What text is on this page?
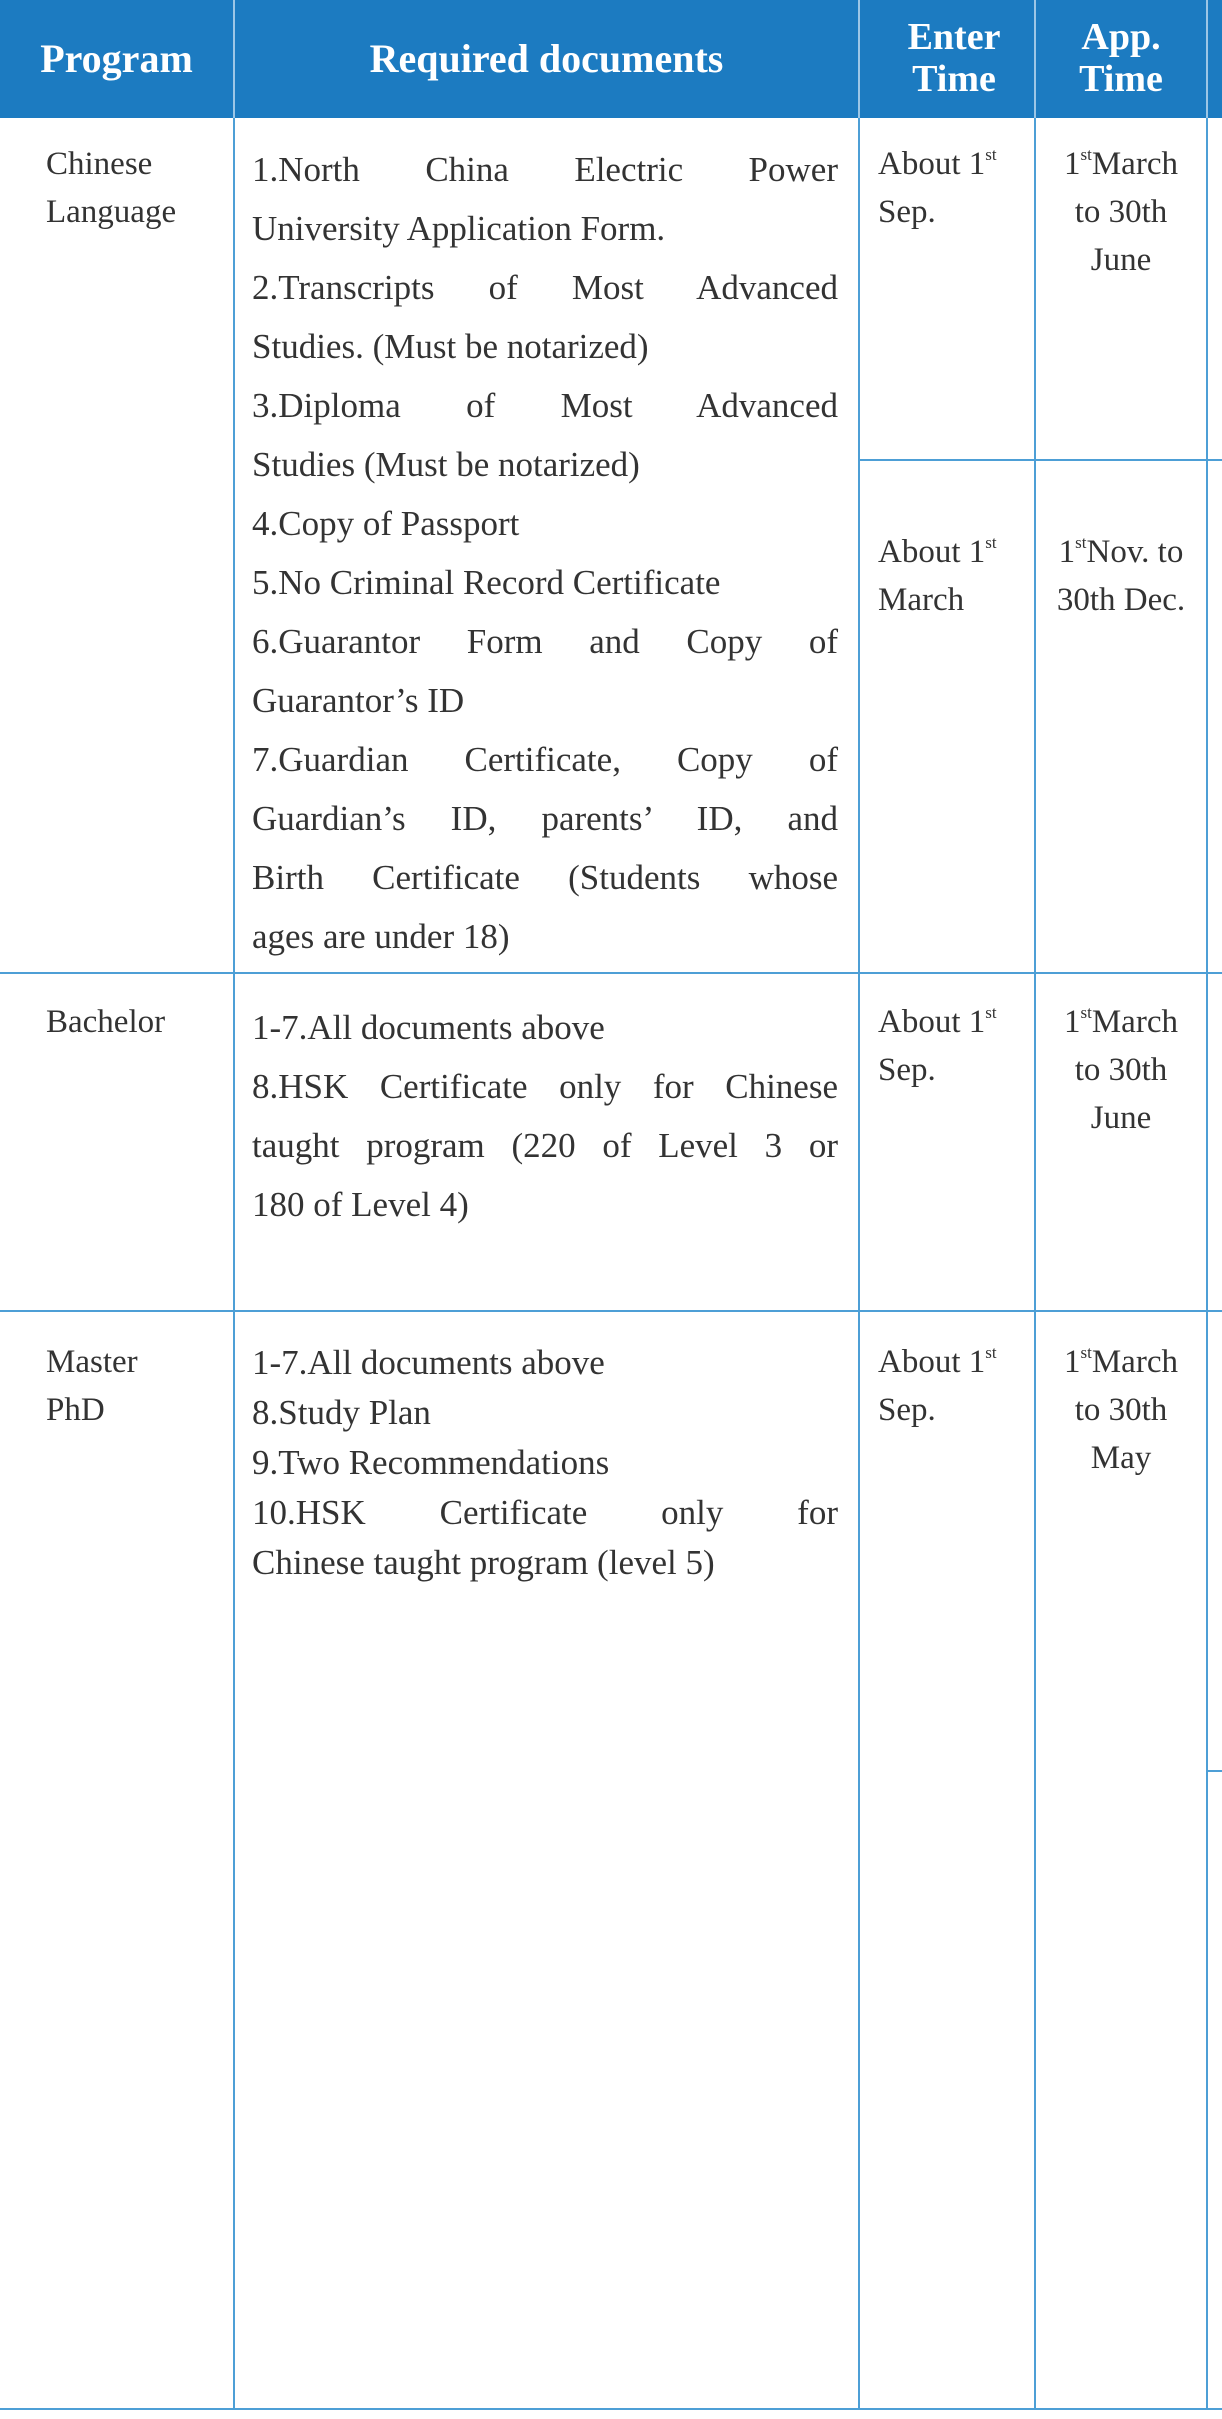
Program	Required documents	Enter Time
App. Time
Chinese
Language
1.North China Electric Power
University Application Form.
2.Transcripts of Most Advanced
Studies. (Must be notarized)
3.Diploma of Most Advanced
Studies (Must be notarized)
4.Copy of Passport
5.No Criminal Record Certificate
6.Guarantor Form and Copy of
Guarantor’s ID
7.Guardian Certificate, Copy of
Guardian’s ID, parents’ ID, and
Birth Certificate (Students whose
ages are under 18)
About 1st
Sep.
1stMarch
to 30th
June
About 1st
March
1stNov. to
30th Dec.
Bachelor 1-7.All documents above
8.HSK Certificate only for Chinese
taught program (220 of Level 3 or
180 of Level 4)
About 1st
Sep.
1stMarch
to 30th
June
Master
PhD
1-7.All documents above
8.Study Plan
9.Two Recommendations
10.HSK Certificate only for
Chinese taught program (level 5)
About 1st
Sep.
1stMarch
to 30th
May
